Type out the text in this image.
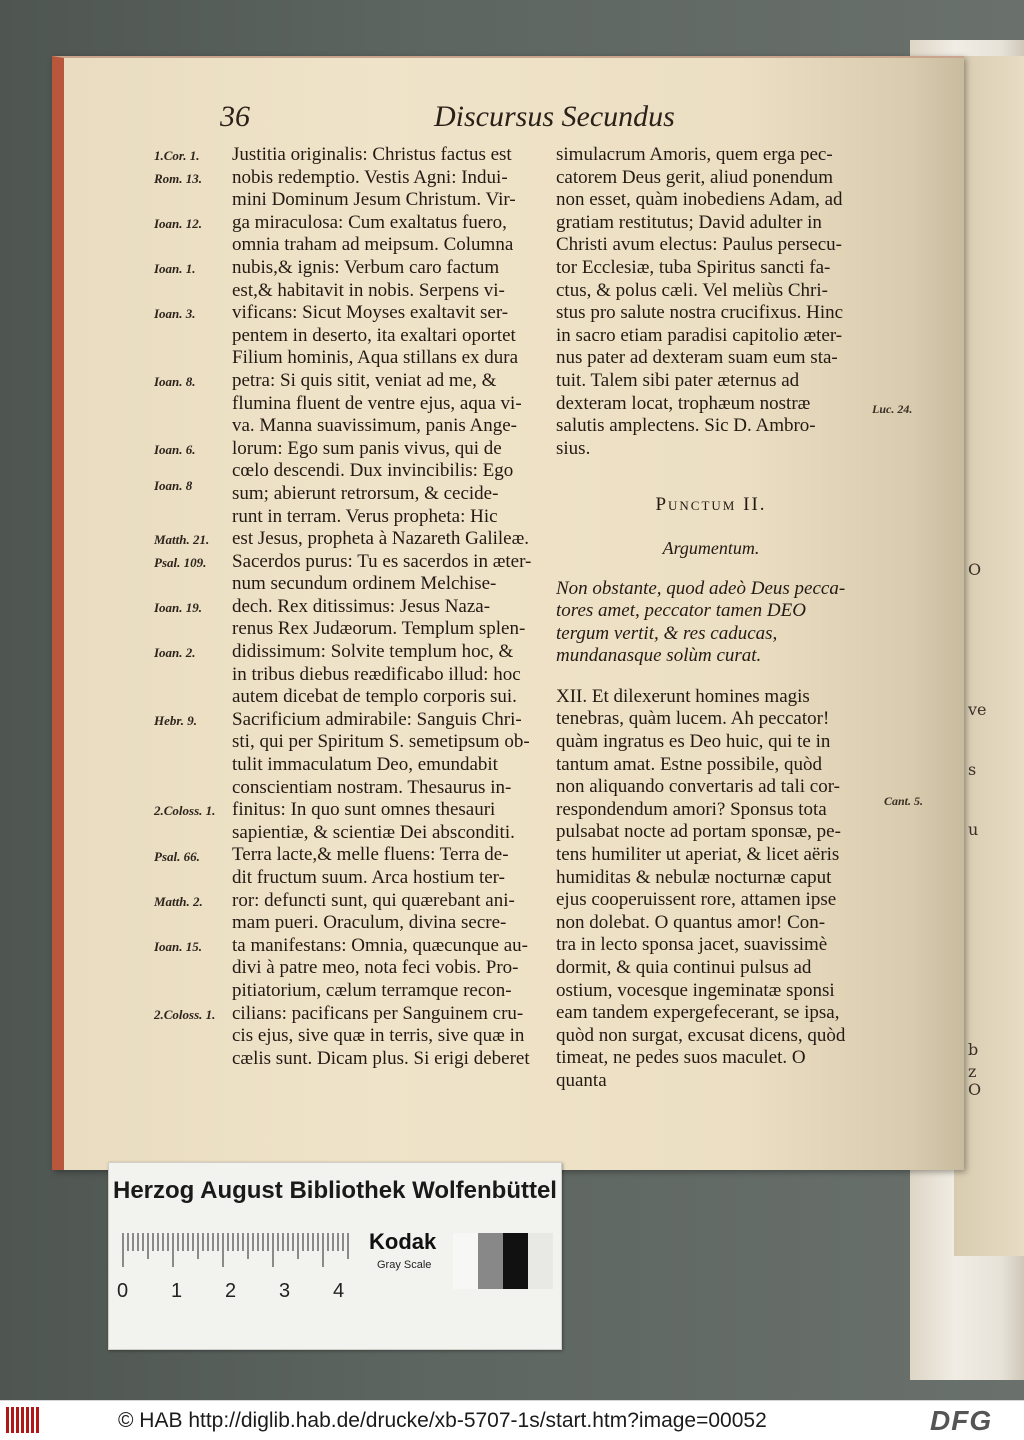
O
ve
s
u
b
z
O
36	Discursus Secundus
1.Cor. 1.
Rom. 13.
Ioan. 12.
Ioan. 1.
Ioan. 3.
Ioan. 8.
Ioan. 6.
Ioan. 8
Matth. 21.
Psal. 109.
Ioan. 19.
Ioan. 2.
Hebr. 9.
2.Coloss. 1.
Psal. 66.
Matth. 2.
Ioan. 15.
2.Coloss. 1.
Justitia originalis: Christus factus est
nobis redemptio. Vestis Agni: Indui-
mini Dominum Jesum Christum. Vir-
ga miraculosa: Cum exaltatus fuero,
omnia traham ad meipsum. Columna
nubis,& ignis: Verbum caro factum
est,& habitavit in nobis. Serpens vi-
vificans: Sicut Moyses exaltavit ser-
pentem in deserto, ita exaltari oportet
Filium hominis, Aqua stillans ex dura
petra: Si quis sitit, veniat ad me, &
flumina fluent de ventre ejus, aqua vi-
va. Manna suavissimum, panis Ange-
lorum: Ego sum panis vivus, qui de
cœlo descendi. Dux invincibilis: Ego
sum; abierunt retrorsum, & cecide-
runt in terram. Verus propheta: Hic
est Jesus, propheta à Nazareth Galileæ.
Sacerdos purus: Tu es sacerdos in æter-
num secundum ordinem Melchise-
dech. Rex ditissimus: Jesus Naza-
renus Rex Judæorum. Templum splen-
didissimum: Solvite templum hoc, &
in tribus diebus reædificabo illud: hoc
autem dicebat de templo corporis sui.
Sacrificium admirabile: Sanguis Chri-
sti, qui per Spiritum S. semetipsum ob-
tulit immaculatum Deo, emundabit
conscientiam nostram. Thesaurus in-
finitus: In quo sunt omnes thesauri
sapientiæ, & scientiæ Dei absconditi.
Terra lacte,& melle fluens: Terra de-
dit fructum suum. Arca hostium ter-
ror: defuncti sunt, qui quærebant ani-
mam pueri. Oraculum, divina secre-
ta manifestans: Omnia, quæcunque au-
divi à patre meo, nota feci vobis. Pro-
pitiatorium, cælum terramque recon-
cilians: pacificans per Sanguinem cru-
cis ejus, sive quæ in terris, sive quæ in
cælis sunt. Dicam plus. Si erigi deberet
simulacrum Amoris, quem erga pec-
catorem Deus gerit, aliud ponendum
non esset, quàm inobediens Adam, ad
gratiam restitutus; David adulter in
Christi avum electus: Paulus persecu-
tor Ecclesiæ, tuba Spiritus sancti fa-
ctus, & polus cæli. Vel meliùs Chri-
stus pro salute nostra crucifixus. Hinc
in sacro etiam paradisi capitolio æter-
nus pater ad dexteram suam eum sta-
tuit. Talem sibi pater æternus ad
dexteram locat, trophæum nostræ
salutis amplectens. Sic D. Ambro-
sius.
Punctum II.
Argumentum.
Non obstante, quod adeò Deus pecca-
tores amet, peccator tamen DEO
tergum vertit, & res caducas,
mundanasque solùm curat.
XII. Et dilexerunt homines magis
tenebras, quàm lucem. Ah peccator!
quàm ingratus es Deo huic, qui te in
tantum amat. Estne possibile, quòd
non aliquando convertaris ad tali cor-
respondendum amori? Sponsus tota
pulsabat nocte ad portam sponsæ, pe-
tens humiliter ut aperiat, & licet aëris
humiditas & nebulæ nocturnæ caput
ejus cooperuissent rore, attamen ipse
non dolebat. O quantus amor! Con-
tra in lecto sponsa jacet, suavissimè
dormit, & quia continui pulsus ad
ostium, vocesque ingeminatæ sponsi
eam tandem expergefecerant, se ipsa,
quòd non surgat, excusat dicens, quòd
timeat, ne pedes suos maculet. O
quanta
Luc. 24.
Cant. 5.
Herzog August Bibliothek Wolfenbüttel
0 1 2 3 4
Kodak
Gray Scale
© HAB http://diglib.hab.de/drucke/xb-5707-1s/start.htm?image=00052	DFG
